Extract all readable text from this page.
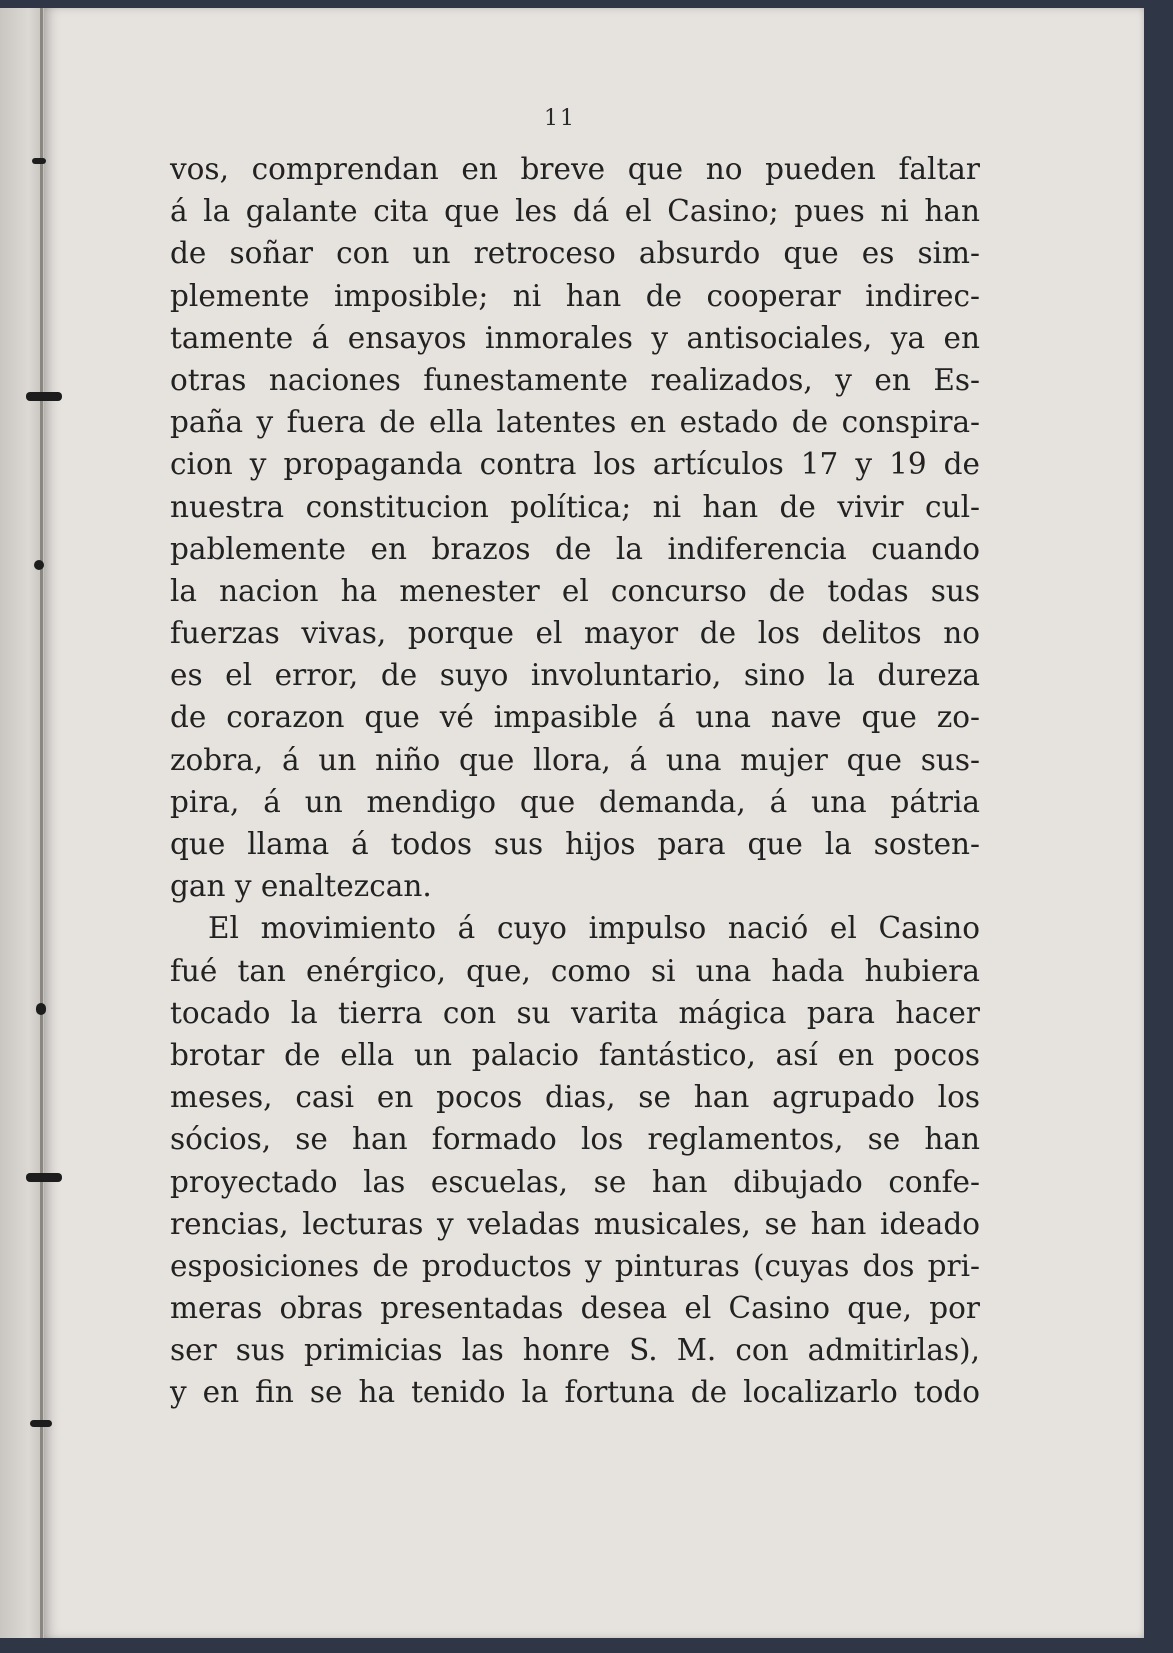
11
vos, comprendan en breve que no pueden faltar
á la galante cita que les dá el Casino; pues ni han
de soñar con un retroceso absurdo que es sim-
plemente imposible; ni han de cooperar indirec-
tamente á ensayos inmorales y antisociales, ya en
otras naciones funestamente realizados, y en Es-
paña y fuera de ella latentes en estado de conspira-
cion y propaganda contra los artículos 17 y 19 de
nuestra constitucion política; ni han de vivir cul-
pablemente en brazos de la indiferencia cuando
la nacion ha menester el concurso de todas sus
fuerzas vivas, porque el mayor de los delitos no
es el error, de suyo involuntario, sino la dureza
de corazon que vé impasible á una nave que zo-
zobra, á un niño que llora, á una mujer que sus-
pira, á un mendigo que demanda, á una pátria
que llama á todos sus hijos para que la sosten-
gan y enaltezcan.
El movimiento á cuyo impulso nació el Casino
fué tan enérgico, que, como si una hada hubiera
tocado la tierra con su varita mágica para hacer
brotar de ella un palacio fantástico, así en pocos
meses, casi en pocos dias, se han agrupado los
sócios, se han formado los reglamentos, se han
proyectado las escuelas, se han dibujado confe-
rencias, lecturas y veladas musicales, se han ideado
esposiciones de productos y pinturas (cuyas dos pri-
meras obras presentadas desea el Casino que, por
ser sus primicias las honre S. M. con admitirlas),
y en fin se ha tenido la fortuna de localizarlo todo
